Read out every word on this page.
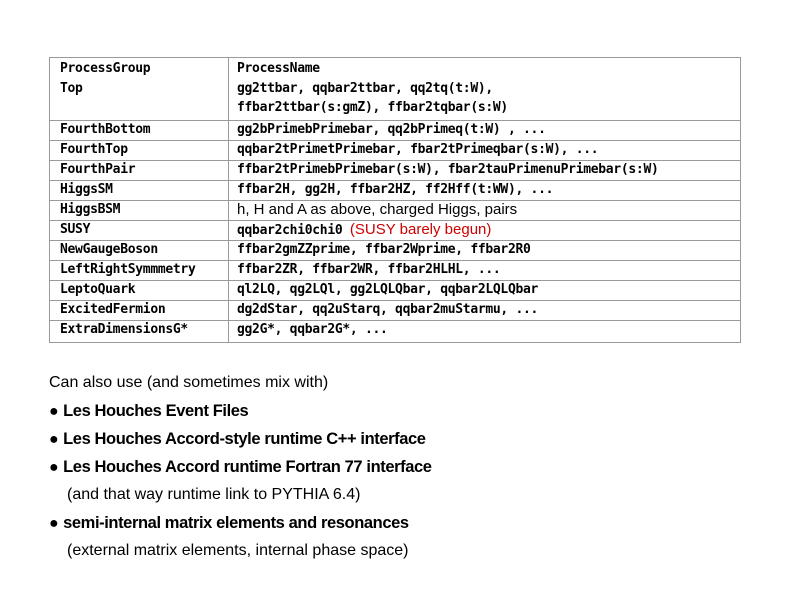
ProcessGroup	ProcessName
Top	gg2ttbar, qqbar2ttbar, qq2tq(t:W),
ffbar2ttbar(s:gmZ), ffbar2tqbar(s:W)
FourthBottom	gg2bPrimebPrimebar, qq2bPrimeq(t:W) , ...
FourthTop	qqbar2tPrimetPrimebar, fbar2tPrimeqbar(s:W), ...
FourthPair	ffbar2tPrimebPrimebar(s:W), fbar2tauPrimenuPrimebar(s:W)
HiggsSM	ffbar2H, gg2H, ffbar2HZ, ff2Hff(t:WW), ...
HiggsBSM	h, H and A as above, charged Higgs, pairs
SUSY	qqbar2chi0chi0 (SUSY barely begun)
NewGaugeBoson	ffbar2gmZZprime, ffbar2Wprime, ffbar2R0
LeftRightSymmmetry	ffbar2ZR, ffbar2WR, ffbar2HLHL, ...
LeptoQuark	ql2LQ, qg2LQl, gg2LQLQbar, qqbar2LQLQbar
ExcitedFermion	dg2dStar, qq2uStarq, qqbar2muStarmu, ...
ExtraDimensionsG*	gg2G*, qqbar2G*, ...
Can also use (and sometimes mix with)
● Les Houches Event Files
● Les Houches Accord-style runtime C++ interface
● Les Houches Accord runtime Fortran 77 interface
(and that way runtime link to PYTHIA 6.4)
● semi-internal matrix elements and resonances
(external matrix elements, internal phase space)
